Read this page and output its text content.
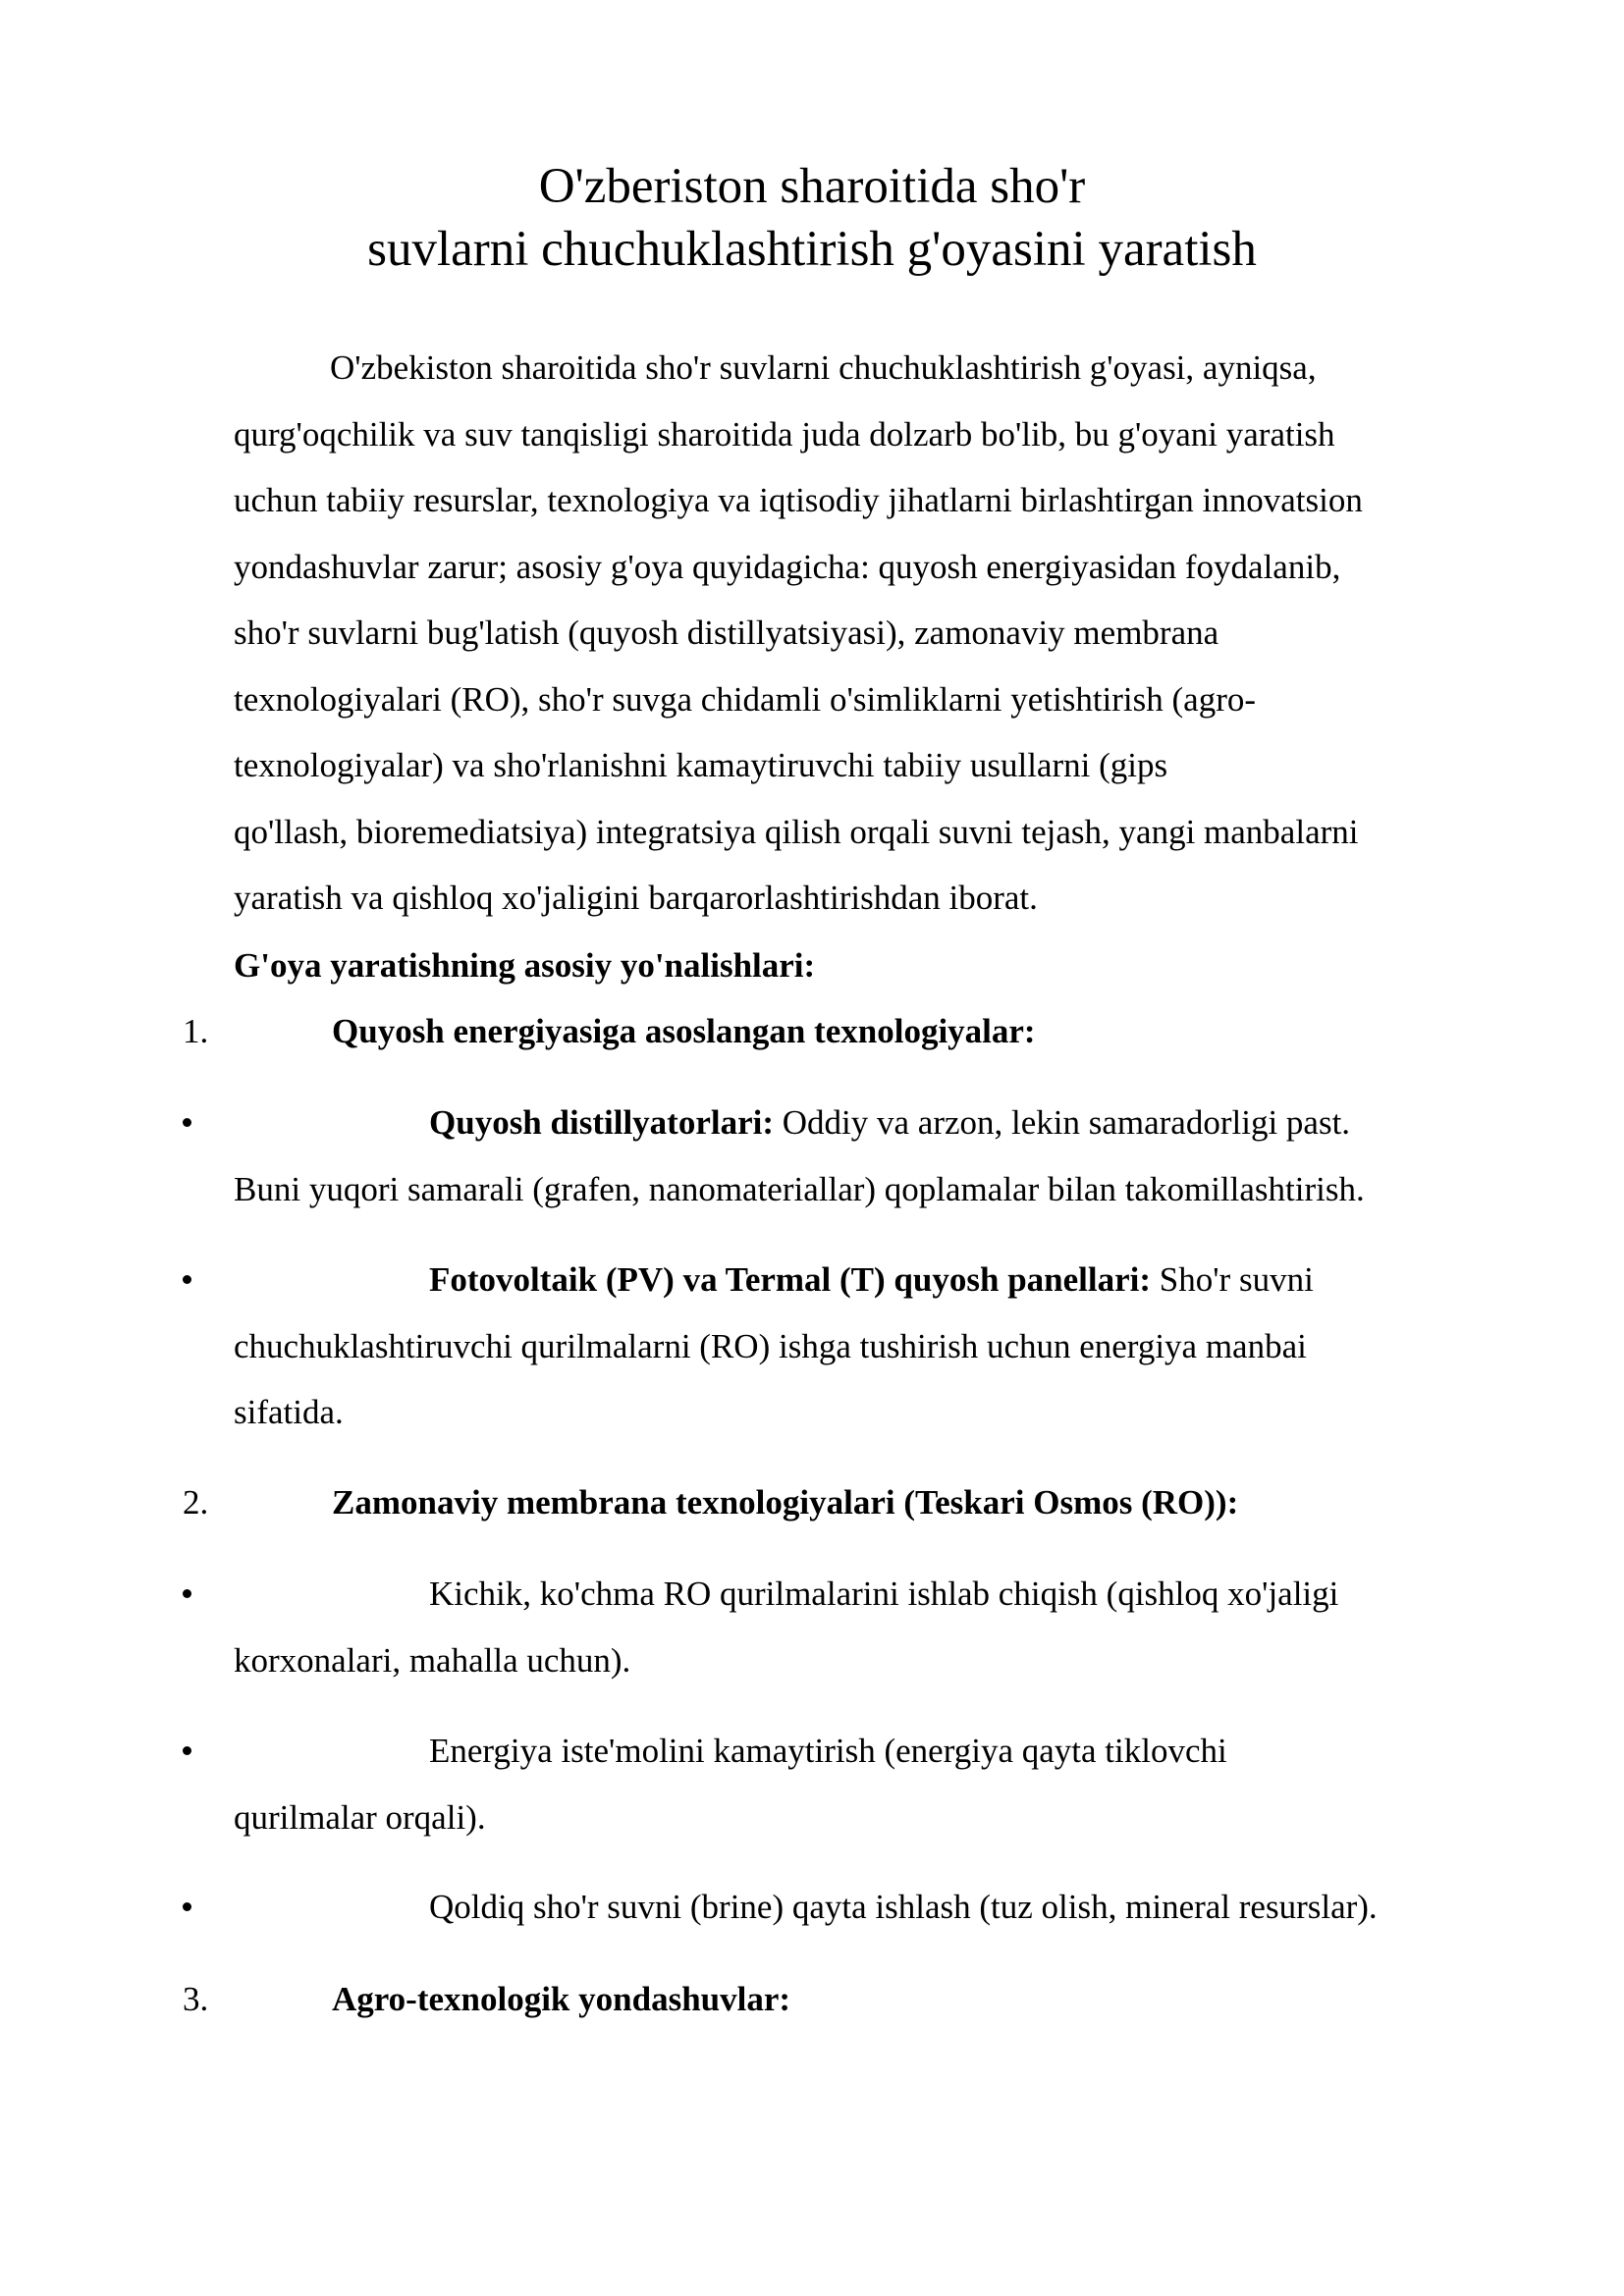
O'zberiston sharoitida sho'r
suvlarni chuchuklashtirish g'oyasini yaratish

O'zbekiston sharoitida sho'r suvlarni chuchuklashtirish g'oyasi, ayniqsa,
qurg'oqchilik va suv tanqisligi sharoitida juda dolzarb bo'lib, bu g'oyani yaratish
uchun tabiiy resurslar, texnologiya va iqtisodiy jihatlarni birlashtirgan innovatsion
yondashuvlar zarur; asosiy g'oya quyidagicha: quyosh energiyasidan foydalanib,
sho'r suvlarni bug'latish (quyosh distillyatsiyasi), zamonaviy membrana
texnologiyalari (RO), sho'r suvga chidamli o'simliklarni yetishtirish (agro-
texnologiyalar) va sho'rlanishni kamaytiruvchi tabiiy usullarni (gips
qo'llash, bioremediatsiya) integratsiya qilish orqali suvni tejash, yangi manbalarni
yaratish va qishloq xo'jaligini barqarorlashtirishdan iborat.

G'oya yaratishning asosiy yo'nalishlari:

1.	Quyosh energiyasiga asoslangan texnologiyalar:
Quyosh distillyatorlari: Oddiy va arzon, lekin samaradorligi past.
Buni yuqori samarali (grafen, nanomateriallar) qoplamalar bilan takomillashtirish.
Fotovoltaik (PV) va Termal (T) quyosh panellari: Sho'r suvni
chuchuklashtiruvchi qurilmalarni (RO) ishga tushirish uchun energiya manbai
sifatida.
2.	Zamonaviy membrana texnologiyalari (Teskari Osmos (RO)):
Kichik, ko'chma RO qurilmalarini ishlab chiqish (qishloq xo'jaligi
korxonalari, mahalla uchun).
Energiya iste'molini kamaytirish (energiya qayta tiklovchi
qurilmalar orqali).
Qoldiq sho'r suvni (brine) qayta ishlash (tuz olish, mineral resurslar).
3.	Agro-texnologik yondashuvlar:
